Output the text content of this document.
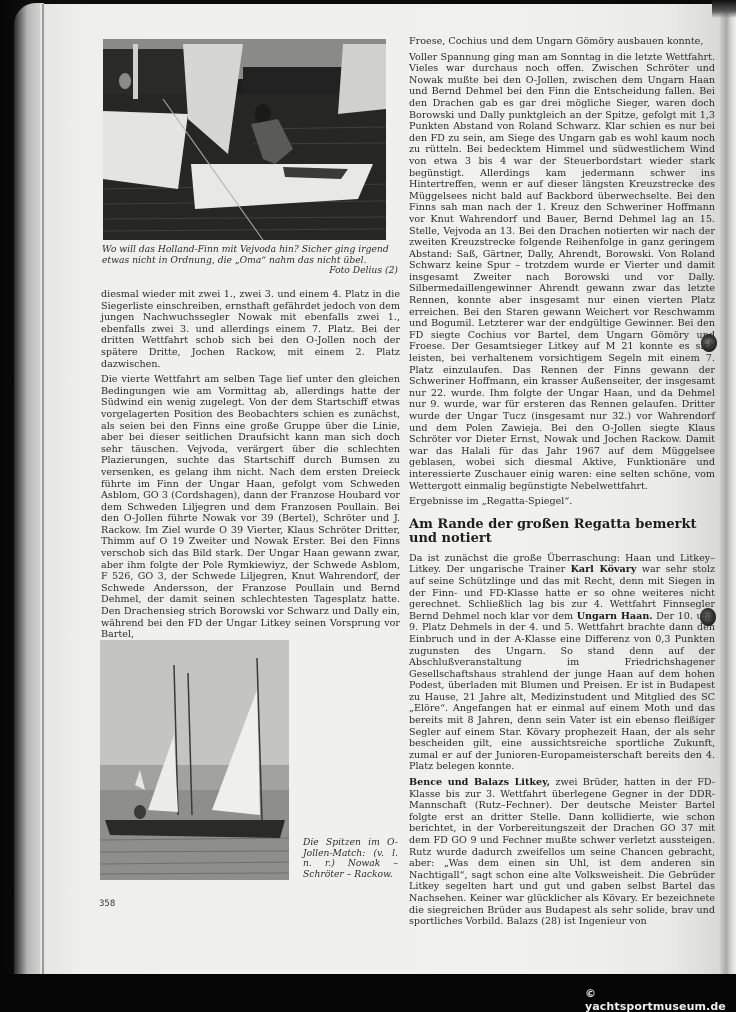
Wo will das Holland-Finn mit Vejvoda hin? Sicher ging irgend etwas nicht in Ordnung, die „Oma“ nahm das nicht übel.
Foto Delius (2)

diesmal wieder mit zwei 1., zwei 3. und einem 4. Platz in die Siegerliste einschreiben, ernsthaft gefährdet jedoch von dem jungen Nachwuchssegler Nowak mit ebenfalls zwei 1., ebenfalls zwei 3. und allerdings einem 7. Platz. Bei der dritten Wettfahrt schob sich bei den O-Jollen noch der spätere Dritte, Jochen Rackow, mit einem 2. Platz dazwischen.

Die vierte Wettfahrt am selben Tage lief unter den gleichen Bedingungen wie am Vormittag ab, allerdings hatte der Südwind ein wenig zugelegt. Von der dem Startschiff etwas vorgelagerten Position des Beobachters schien es zunächst, als seien bei den Finns eine große Gruppe über die Linie, aber bei dieser seitlichen Draufsicht kann man sich doch sehr täuschen. Vejvoda, verärgert über die schlechten Plazierungen, suchte das Startschiff durch Bumsen zu versenken, es gelang ihm nicht. Nach dem ersten Dreieck führte im Finn der Ungar Haan, gefolgt vom Schweden Asblom, GO 3 (Cordshagen), dann der Franzose Houbard vor dem Schweden Liljegren und dem Franzosen Poullain. Bei den O-Jollen führte Nowak vor 39 (Bertel), Schröter und J. Rackow. Im Ziel wurde O 39 Vierter, Klaus Schröter Dritter, Thimm auf O 19 Zweiter und Nowak Erster. Bei den Finns verschob sich das Bild stark. Der Ungar Haan gewann zwar, aber ihm folgte der Pole Rymkiewiyz, der Schwede Asblom, F 526, GO 3, der Schwede Liljegren, Knut Wahrendorf, der Schwede Andersson, der Franzose Poullain und Bernd Dehmel, der damit seinen schlechtesten Tagesplatz hatte. Den Drachensieg strich Borowski vor Schwarz und Dally ein, während bei den FD der Ungar Litkey seinen Vorsprung vor Bartel,

Die Spitzen im O-Jollen-Match: (v. l. n. r.) Nowak – Schröter – Rackow.

Froese, Cochius und dem Ungarn Gömöry ausbauen konnte,

Voller Spannung ging man am Sonntag in die letzte Wettfahrt. Vieles war durchaus noch offen. Zwischen Schröter und Nowak mußte bei den O-Jollen, zwischen dem Ungarn Haan und Bernd Dehmel bei den Finn die Entscheidung fallen. Bei den Drachen gab es gar drei mögliche Sieger, waren doch Borowski und Dally punktgleich an der Spitze, gefolgt mit 1,3 Punkten Abstand von Roland Schwarz. Klar schien es nur bei den FD zu sein, am Siege des Ungarn gab es wohl kaum noch zu rütteln. Bei bedecktem Himmel und südwestlichem Wind von etwa 3 bis 4 war der Steuerbordstart wieder stark begünstigt. Allerdings kam jedermann schwer ins Hintertreffen, wenn er auf dieser längsten Kreuzstrecke des Müggelsees nicht bald auf Backbord überwechselte. Bei den Finns sah man nach der 1. Kreuz den Schweriner Hoffmann vor Knut Wahrendorf und Bauer, Bernd Dehmel lag an 15. Stelle, Vejvoda an 13. Bei den Drachen notierten wir nach der zweiten Kreuzstrecke folgende Reihenfolge in ganz geringem Abstand: Saß, Gärtner, Dally, Ahrendt, Borowski. Von Roland Schwarz keine Spur – trotzdem wurde er Vierter und damit insgesamt Zweiter nach Borowski und vor Dally. Silbermedaillengewinner Ahrendt gewann zwar das letzte Rennen, konnte aber insgesamt nur einen vierten Platz erreichen. Bei den Staren gewann Weichert vor Reschwamm und Bogumil. Letzterer war der endgültige Gewinner. Bei den FD siegte Cochius vor Bartel, dem Ungarn Gömöry und Froese. Der Gesamtsieger Litkey auf M 21 konnte es sich leisten, bei verhaltenem vorsichtigem Segeln mit einem 7. Platz einzulaufen. Das Rennen der Finns gewann der Schweriner Hoffmann, ein krasser Außenseiter, der insgesamt nur 22. wurde. Ihm folgte der Ungar Haan, und da Dehmel nur 9. wurde, war für ersteren das Rennen gelaufen. Dritter wurde der Ungar Tucz (insgesamt nur 32.) vor Wahrendorf und dem Polen Zawieja. Bei den O-Jollen siegte Klaus Schröter vor Dieter Ernst, Nowak und Jochen Rackow. Damit war das Halali für das Jahr 1967 auf dem Müggelsee geblasen, wobei sich diesmal Aktive, Funktionäre und interessierte Zuschauer einig waren: eine selten schöne, vom Wettergott einmalig begünstigte Nebelwettfahrt.

Ergebnisse im „Regatta-Spiegel“.

Am Rande der großen Regatta bemerkt und notiert

Da ist zunächst die große Überraschung: Haan und Litkey–Litkey. Der ungarische Trainer Karl Kövary war sehr stolz auf seine Schützlinge und das mit Recht, denn mit Siegen in der Finn- und FD-Klasse hatte er so ohne weiteres nicht gerechnet. Schließlich lag bis zur 4. Wettfahrt Finnsegler Bernd Dehmel noch klar vor dem Ungarn Haan. Der 10. und 9. Platz Dehmels in der 4. und 5. Wettfahrt brachte dann den Einbruch und in der A-Klasse eine Differenz von 0,3 Punkten zugunsten des Ungarn. So stand denn auf der Abschlußveranstaltung im Friedrichshagener Gesellschaftshaus strahlend der junge Haan auf dem hohen Podest, überladen mit Blumen und Preisen. Er ist in Budapest zu Hause, 21 Jahre alt, Medizinstudent und Mitglied des SC „Elöre“. Angefangen hat er einmal auf einem Moth und das bereits mit 8 Jahren, denn sein Vater ist ein ebenso fleißiger Segler auf einem Star. Kövary prophezeit Haan, der als sehr bescheiden gilt, eine aussichtsreiche sportliche Zukunft, zumal er auf der Junioren-Europameisterschaft bereits den 4. Platz belegen konnte.

Bence und Balazs Litkey, zwei Brüder, hatten in der FD-Klasse bis zur 3. Wettfahrt überlegene Gegner in der DDR-Mannschaft (Rutz–Fechner). Der deutsche Meister Bartel folgte erst an dritter Stelle. Dann kollidierte, wie schon berichtet, in der Vorbereitungszeit der Drachen GO 37 mit dem FD GO 9 und Fechner mußte schwer verletzt aussteigen. Rutz wurde dadurch zweifellos um seine Chancen gebracht, aber: „Was dem einen sin Uhl, ist dem anderen sin Nachtigall“, sagt schon eine alte Volksweisheit. Die Gebrüder Litkey segelten hart und gut und gaben selbst Bartel das Nachsehen. Keiner war glücklicher als Kövary. Er bezeichnete die siegreichen Brüder aus Budapest als sehr solide, brav und sportliches Vorbild. Balazs (28) ist Ingenieur von

358
© yachtsportmuseum.de
